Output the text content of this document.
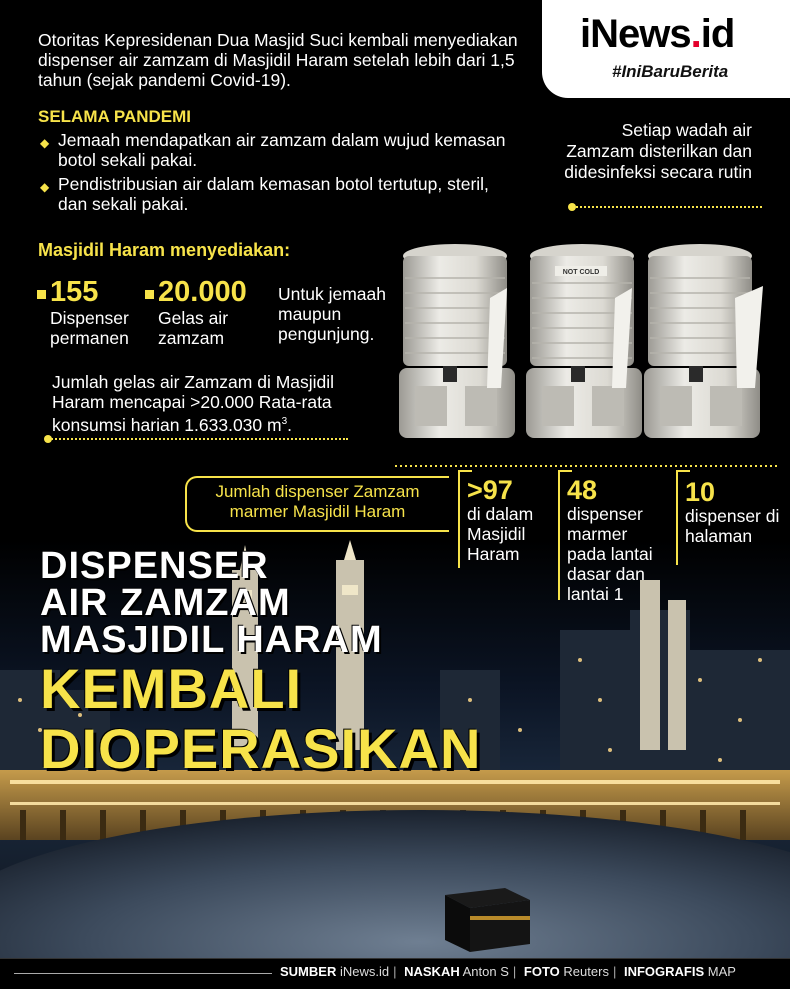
Otoritas Kepresidenan Dua Masjid Suci kembali menyediakan dispenser air zamzam di Masjidil Haram setelah lebih dari 1,5 tahun (sejak pandemi Covid-19).
iNews.id
#IniBaruBerita
SELAMA PANDEMI
◆ Jemaah mendapatkan air zamzam dalam wujud kemasan botol sekali pakai.
◆ Pendistribusian air dalam kemasan botol tertutup, steril, dan sekali pakai.
Setiap wadah air Zamzam disterilkan dan didesinfeksi secara rutin
Masjidil Haram menyediakan:
155
Dispenser permanen
20.000
Gelas air zamzam
Untuk jemaah maupun pengunjung.
Jumlah gelas air Zamzam di Masjidil Haram mencapai >20.000 Rata-rata konsumsi harian 1.633.030 $m^3$.
NOT COLD
Jumlah dispenser Zamzam marmer Masjidil Haram
>97
di dalam Masjidil Haram
48
dispenser marmer pada lantai dasar dan lantai 1
10
dispenser di halaman
DISPENSER
AIR ZAMZAM
MASJIDIL HARAM
KEMBALI
DIOPERASIKAN
SUMBER iNews.id | NASKAH Anton S | FOTO Reuters | INFOGRAFIS MAP
